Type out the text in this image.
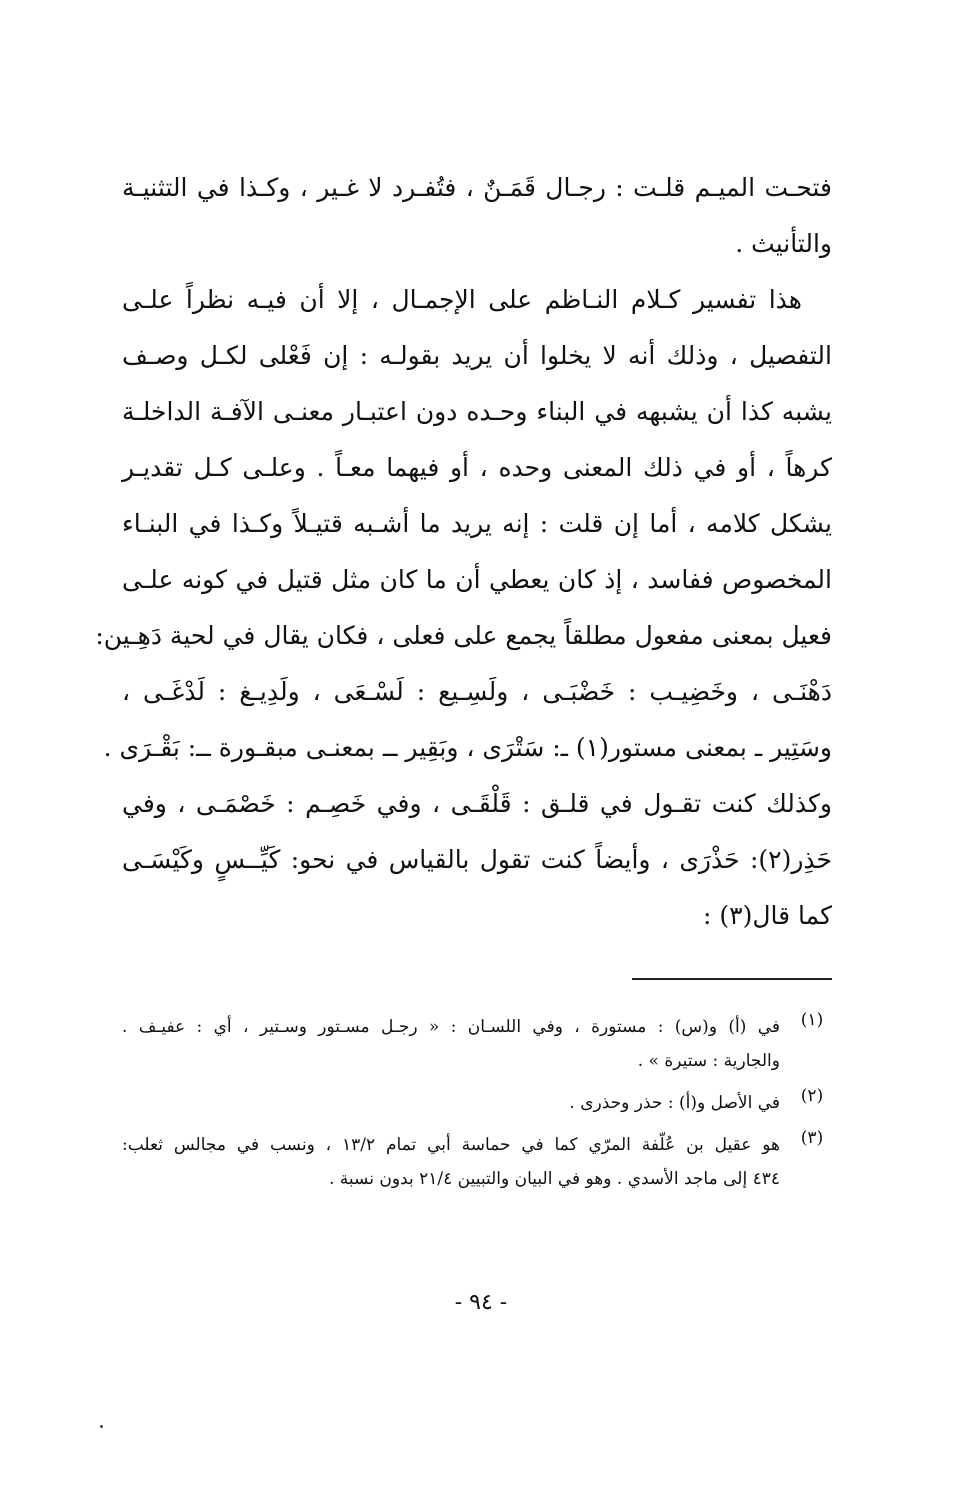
فتحـت الميـم قلـت : رجـال قَمَـنٌ ، فتُفـرد لا غـير ، وكـذا في التثنيـة
والتأنيث .
هذا تفسير كـلام النـاظم على الإجمـال ، إلا أن فيـه نظراً علـى
التفصيل ، وذلك أنه لا يخلوا أن يريد بقولـه : إن فَعْلى لكـل وصـف
يشبه كذا أن يشبهه في البناء وحـده دون اعتبـار معنـى الآفـة الداخلـة
كرهاً ، أو في ذلك المعنى وحده ، أو فيهما معـاً . وعلـى كـل تقديـر
يشكل كلامه ، أما إن قلت : إنه يريد ما أشـبه قتيـلاً وكـذا في البنـاء
المخصوص ففاسد ، إذ كان يعطي أن ما كان مثل قتيل في كونه علـى
فعيل بمعنى مفعول مطلقاً يجمع على فعلى ، فكان يقال في لحية دَهِـين:
دَهْنَـى ، وخَضِيـب : خَضْبَـى ، ولَسِـيع : لَسْـعَى ، ولَدِيـغ : لَدْغَـى ،
وسَتِير ـ بمعنى مستور(١) ـ: سَتْرَى ، وبَقِير ــ بمعنـى مبقـورة ــ: بَقْـرَى .
وكذلك كنت تقـول في قلـق : قَلْقَـى ، وفي خَصِـم : خَصْمَـى ، وفي
حَذِر(٢): حَذْرَى ، وأيضاً كنت تقول بالقياس في نحو: كَيِّــسٍ وكَيْسَـى
كما قال(٣) :
(١)
في (أ) و(س) : مستورة ، وفي اللسـان : « رجـل مسـتور وسـتير ، أي : عفيـف .
والجارية : ستيرة » .
(٢)
في الأصل و(أ) : حذر وحذرى .
(٣)
هو عقيل بن عُلّفة المرّي كما في حماسة أبي تمام ١٣/٢ ، ونسب في مجالس ثعلب:
٤٣٤ إلى ماجد الأسدي . وهو في البيان والتبيين ٢١/٤ بدون نسبة .
- ٩٤ -
